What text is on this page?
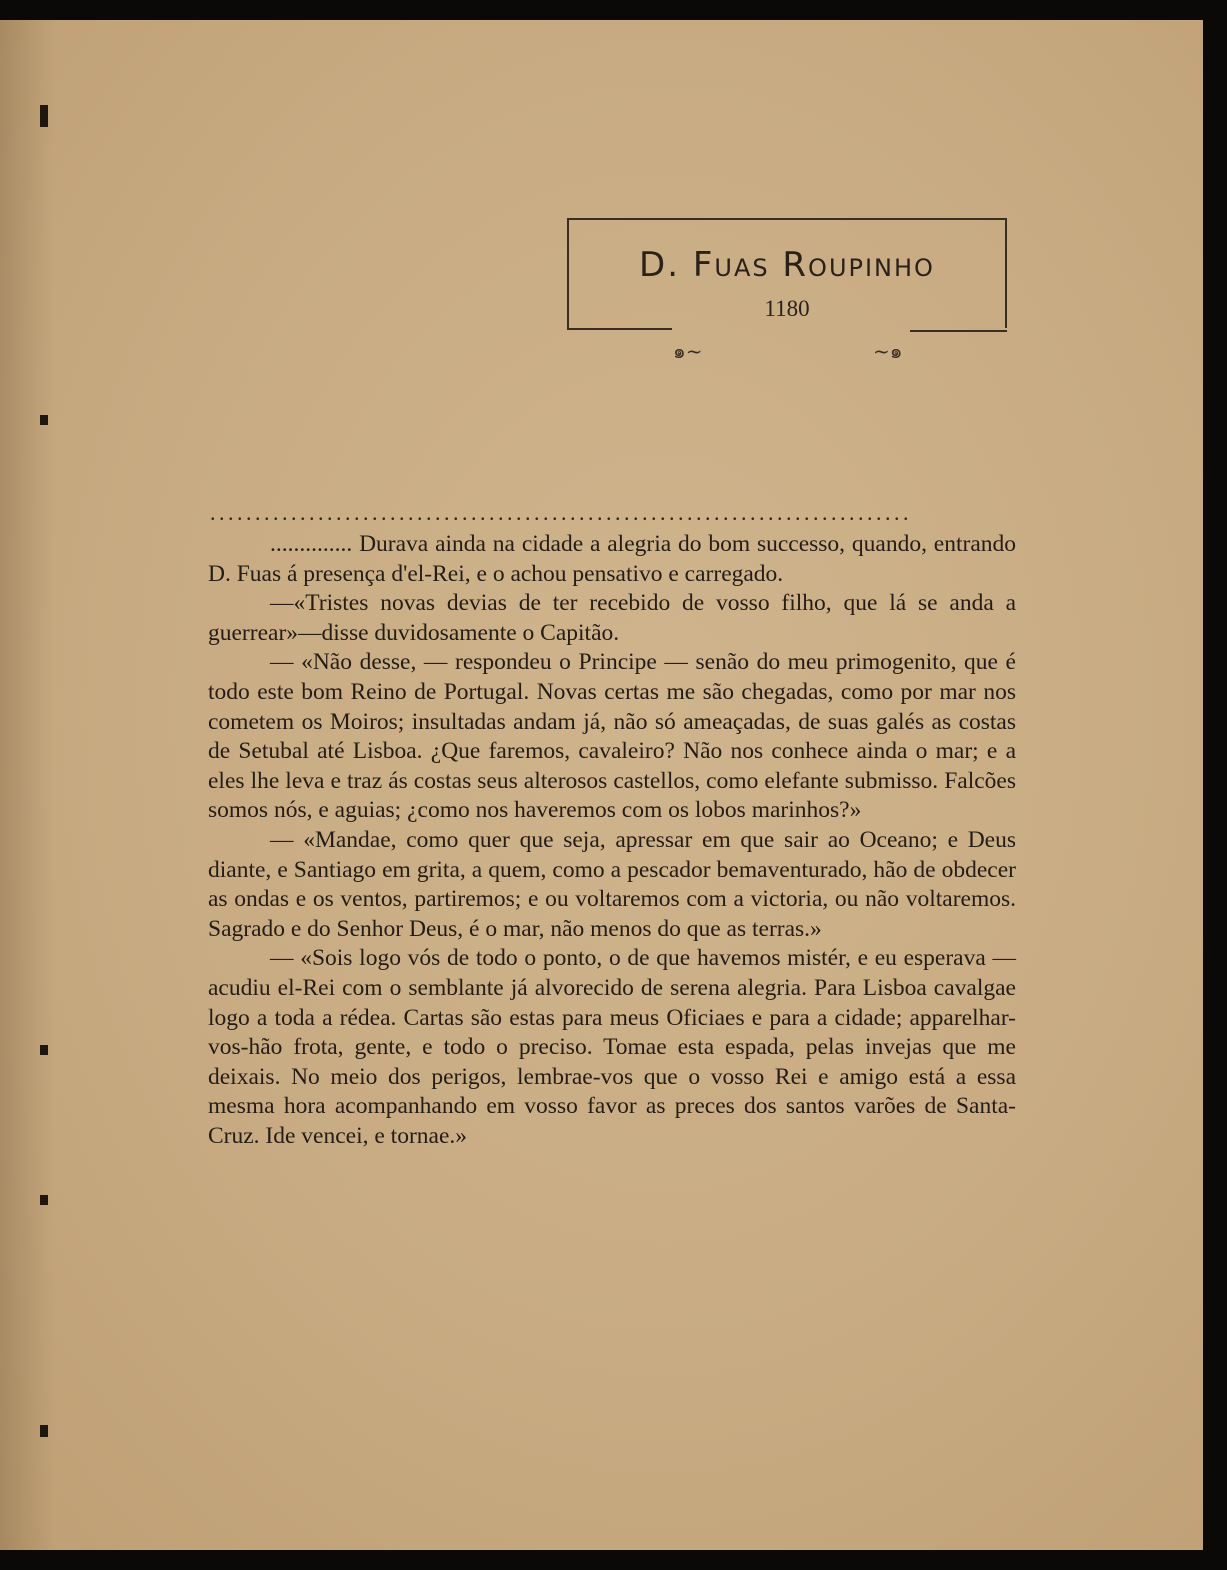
๑~	~๑
D. Fuas Roupinho
1180
..............................................................................

.............. Durava ainda na cidade a alegria do bom successo, quando, entrando D. Fuas á presença d'el-Rei, e o achou pensativo e carregado.

—«Tristes novas devias de ter recebido de vosso filho, que lá se anda a guerrear»—disse duvidosamente o Capitão.

— «Não desse, — respondeu o Principe — senão do meu primogenito, que é todo este bom Reino de Portugal. Novas certas me são chegadas, como por mar nos cometem os Moiros; insultadas andam já, não só ameaçadas, de suas galés as costas de Setubal até Lisboa. ¿Que faremos, cavaleiro? Não nos conhece ainda o mar; e a eles lhe leva e traz ás costas seus alterosos castellos, como elefante submisso. Falcões somos nós, e aguias; ¿como nos haveremos com os lobos marinhos?»

— «Mandae, como quer que seja, apressar em que sair ao Oceano; e Deus diante, e Santiago em grita, a quem, como a pescador bemaventurado, hão de obdecer as ondas e os ventos, partiremos; e ou voltaremos com a victoria, ou não voltaremos. Sagrado e do Senhor Deus, é o mar, não menos do que as terras.»

— «Sois logo vós de todo o ponto, o de que havemos mistér, e eu esperava — acudiu el-Rei com o semblante já alvorecido de serena alegria. Para Lisboa cavalgae logo a toda a rédea. Cartas são estas para meus Oficiaes e para a cidade; apparelhar-vos-hão frota, gente, e todo o preciso. Tomae esta espada, pelas invejas que me deixais. No meio dos perigos, lembrae-vos que o vosso Rei e amigo está a essa mesma hora acompanhando em vosso favor as preces dos santos varões de Santa-Cruz. Ide vencei, e tornae.»
